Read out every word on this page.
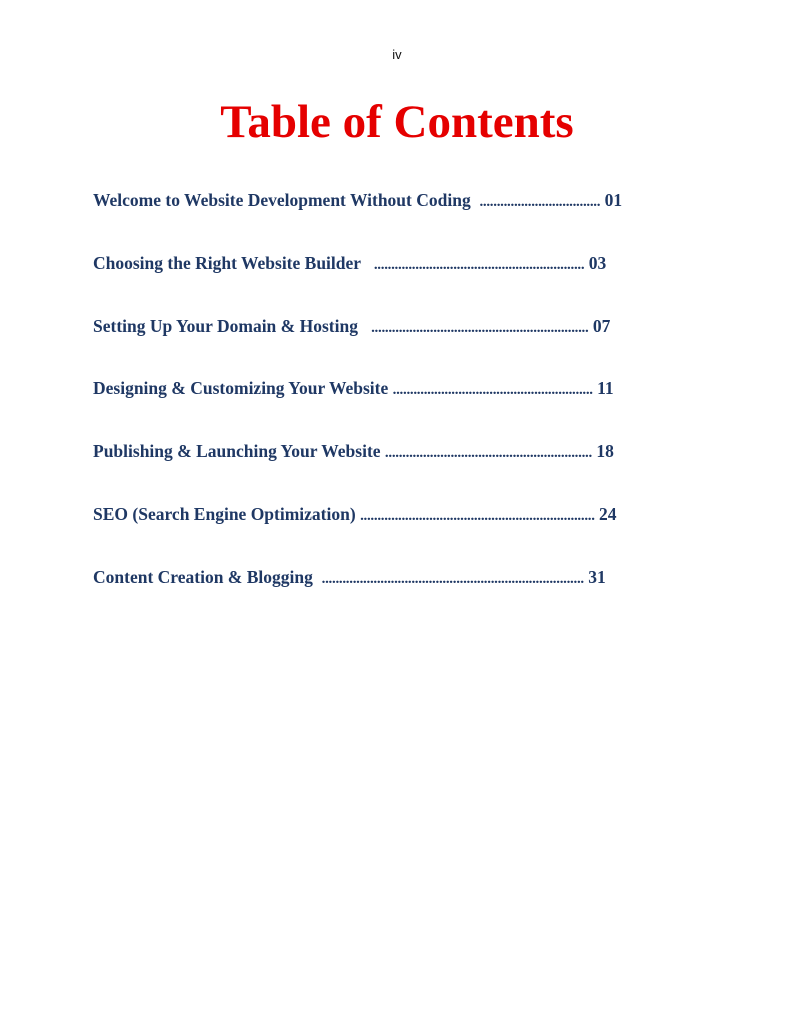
iv
Table of Contents
Welcome to Website Development Without Coding ................................... 01
Choosing the Right Website Builder ............................................................. 03
Setting Up Your Domain & Hosting ............................................................... 07
Designing & Customizing Your Website .......................................................... 11
Publishing & Launching Your Website ............................................................ 18
SEO (Search Engine Optimization) .................................................................... 24
Content Creation & Blogging ............................................................................ 31
